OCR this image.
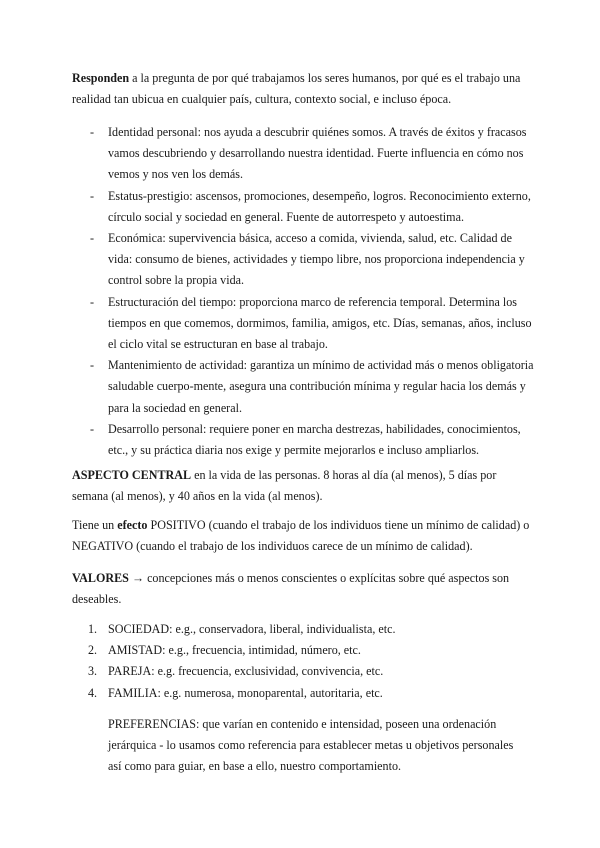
Responden a la pregunta de por qué trabajamos los seres humanos, por qué es el trabajo una realidad tan ubicua en cualquier país, cultura, contexto social, e incluso época.

- Identidad personal: nos ayuda a descubrir quiénes somos. A través de éxitos y fracasos vamos descubriendo y desarrollando nuestra identidad. Fuerte influencia en cómo nos vemos y nos ven los demás.
- Estatus-prestigio: ascensos, promociones, desempeño, logros. Reconocimiento externo, círculo social y sociedad en general. Fuente de autorrespeto y autoestima.
- Económica: supervivencia básica, acceso a comida, vivienda, salud, etc. Calidad de vida: consumo de bienes, actividades y tiempo libre, nos proporciona independencia y control sobre la propia vida.
- Estructuración del tiempo: proporciona marco de referencia temporal. Determina los tiempos en que comemos, dormimos, familia, amigos, etc. Días, semanas, años, incluso el ciclo vital se estructuran en base al trabajo.
- Mantenimiento de actividad: garantiza un mínimo de actividad más o menos obligatoria saludable cuerpo-mente, asegura una contribución mínima y regular hacia los demás y para la sociedad en general.
- Desarrollo personal: requiere poner en marcha destrezas, habilidades, conocimientos, etc., y su práctica diaria nos exige y permite mejorarlos e incluso ampliarlos.

ASPECTO CENTRAL en la vida de las personas. 8 horas al día (al menos), 5 días por semana (al menos), y 40 años en la vida (al menos).

Tiene un efecto POSITIVO (cuando el trabajo de los individuos tiene un mínimo de calidad) o NEGATIVO (cuando el trabajo de los individuos carece de un mínimo de calidad).

VALORES → concepciones más o menos conscientes o explícitas sobre qué aspectos son deseables.

1. SOCIEDAD: e.g., conservadora, liberal, individualista, etc.
2. AMISTAD: e.g., frecuencia, intimidad, número, etc.
3. PAREJA: e.g. frecuencia, exclusividad, convivencia, etc.
4. FAMILIA: e.g. numerosa, monoparental, autoritaria, etc.

PREFERENCIAS: que varían en contenido e intensidad, poseen una ordenación jerárquica - lo usamos como referencia para establecer metas u objetivos personales así como para guiar, en base a ello, nuestro comportamiento.
